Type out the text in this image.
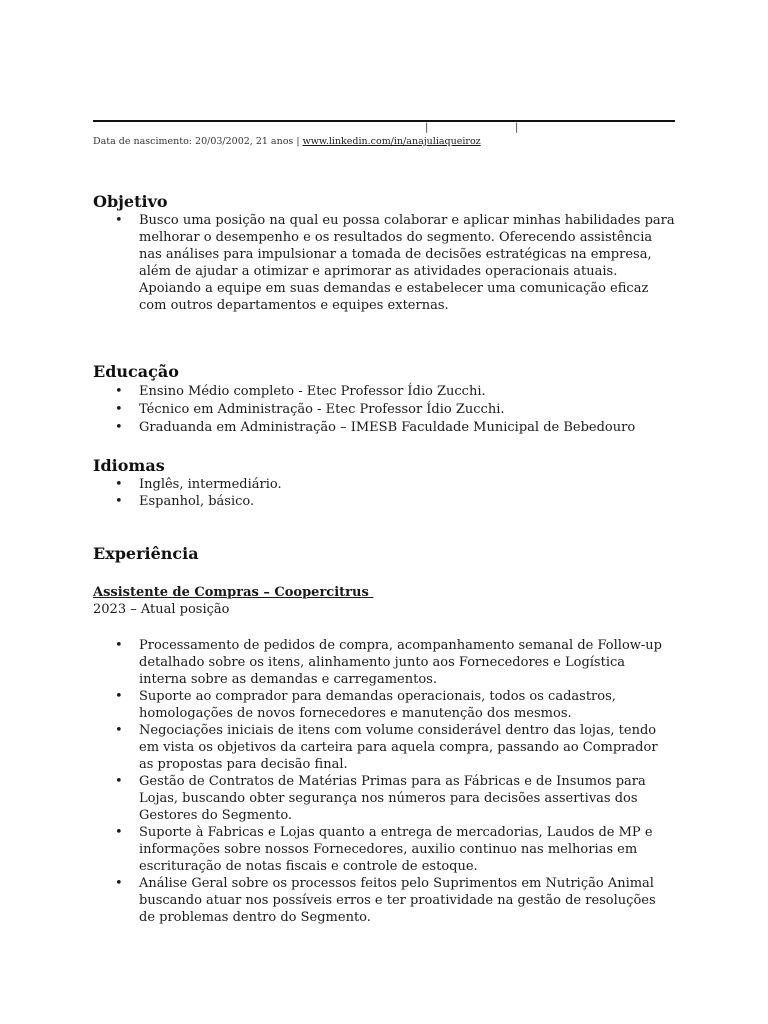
|	|
Data de nascimento: 20/03/2002, 21 anos | www.linkedin.com/in/anajuliaqueiroz
Objetivo
• Busco uma posição na qual eu possa colaborar e aplicar minhas habilidades para melhorar o desempenho e os resultados do segmento. Oferecendo assistência nas análises para impulsionar a tomada de decisões estratégicas na empresa, além de ajudar a otimizar e aprimorar as atividades operacionais atuais. Apoiando a equipe em suas demandas e estabelecer uma comunicação eficaz com outros departamentos e equipes externas.
Educação
• Ensino Médio completo - Etec Professor Ídio Zucchi.
• Técnico em Administração - Etec Professor Ídio Zucchi.
• Graduanda em Administração – IMESB Faculdade Municipal de Bebedouro
Idiomas
• Inglês, intermediário.
• Espanhol, básico.
Experiência
Assistente de Compras – Coopercitrus
2023 – Atual posição
• Processamento de pedidos de compra, acompanhamento semanal de Follow-up detalhado sobre os itens, alinhamento junto aos Fornecedores e Logística interna sobre as demandas e carregamentos.
• Suporte ao comprador para demandas operacionais, todos os cadastros, homologações de novos fornecedores e manutenção dos mesmos.
• Negociações iniciais de itens com volume considerável dentro das lojas, tendo em vista os objetivos da carteira para aquela compra, passando ao Comprador as propostas para decisão final.
• Gestão de Contratos de Matérias Primas para as Fábricas e de Insumos para Lojas, buscando obter segurança nos números para decisões assertivas dos Gestores do Segmento.
• Suporte à Fabricas e Lojas quanto a entrega de mercadorias, Laudos de MP e informações sobre nossos Fornecedores, auxilio continuo nas melhorias em escrituração de notas fiscais e controle de estoque.
• Análise Geral sobre os processos feitos pelo Suprimentos em Nutrição Animal buscando atuar nos possíveis erros e ter proatividade na gestão de resoluções de problemas dentro do Segmento.
